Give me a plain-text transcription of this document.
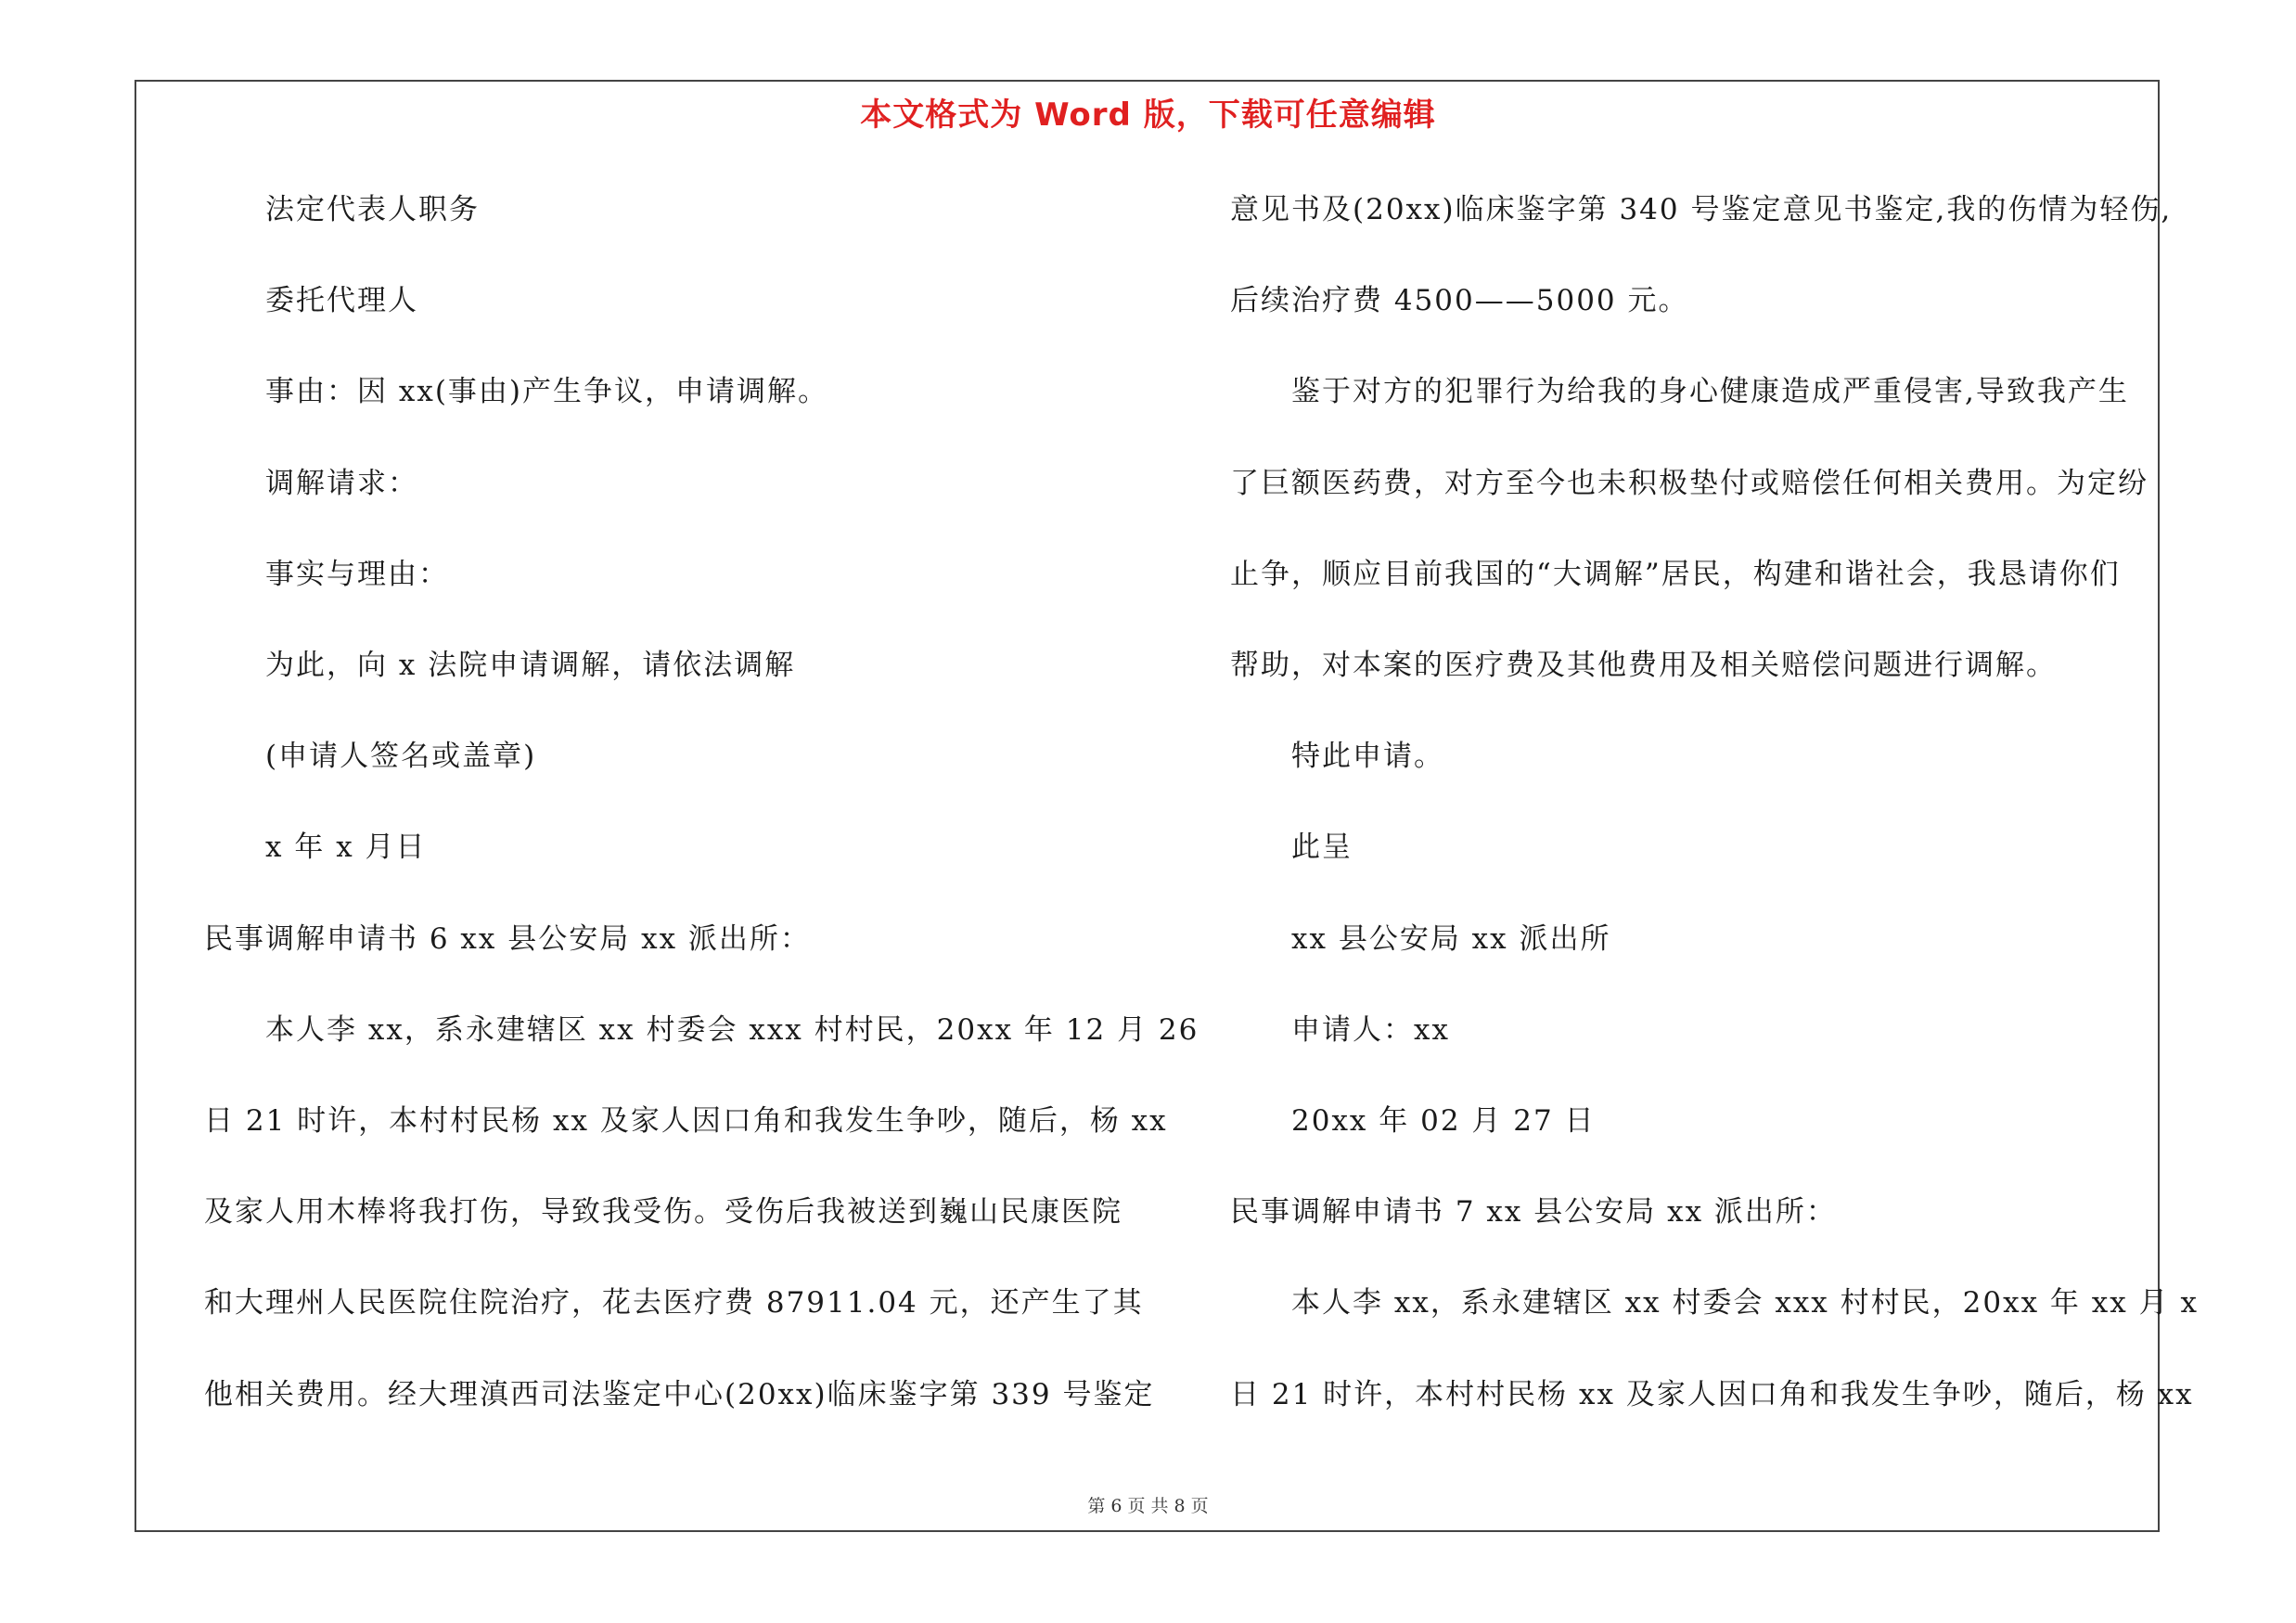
本文格式为 Word 版，下载可任意编辑
法定代表人职务
委托代理人
事由：因 xx(事由)产生争议，申请调解。
调解请求：
事实与理由：
为此，向 x 法院申请调解，请依法调解
(申请人签名或盖章)
x 年 x 月日
民事调解申请书 6 xx 县公安局 xx 派出所：
本人李 xx，系永建辖区 xx 村委会 xxx 村村民，20xx 年 12 月 26
日 21 时许，本村村民杨 xx 及家人因口角和我发生争吵，随后，杨 xx
及家人用木棒将我打伤，导致我受伤。受伤后我被送到巍山民康医院
和大理州人民医院住院治疗，花去医疗费 87911.04 元，还产生了其
他相关费用。经大理滇西司法鉴定中心(20xx)临床鉴字第 339 号鉴定
意见书及(20xx)临床鉴字第 340 号鉴定意见书鉴定,我的伤情为轻伤,
后续治疗费 4500——5000 元。
鉴于对方的犯罪行为给我的身心健康造成严重侵害,导致我产生
了巨额医药费，对方至今也未积极垫付或赔偿任何相关费用。为定纷
止争，顺应目前我国的“大调解”居民，构建和谐社会，我恳请你们
帮助，对本案的医疗费及其他费用及相关赔偿问题进行调解。
特此申请。
此呈
xx 县公安局 xx 派出所
申请人：xx
20xx 年 02 月 27 日
民事调解申请书 7 xx 县公安局 xx 派出所：
本人李 xx，系永建辖区 xx 村委会 xxx 村村民，20xx 年 xx 月 x
日 21 时许，本村村民杨 xx 及家人因口角和我发生争吵，随后，杨 xx
第 6 页 共 8 页
